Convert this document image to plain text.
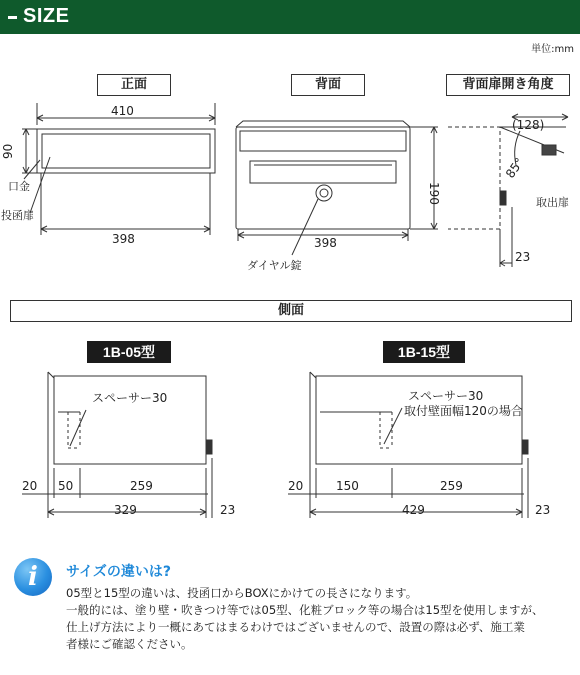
SIZE
単位:mm
正面	背面	背面扉開き角度
410
398
90
口金
投函扉
398
190
ダイヤル錠
(128)
85°
取出扉
23
側面
1B-05型	1B-15型
スペーサー30
20 50	259
329	23
スペーサー30
取付壁面幅120の場合
20	150	259
429	23
i	サイズの違いは?
05型と15型の違いは、投函口からBOXにかけての長さになります。
一般的には、塗り壁・吹きつけ等では05型、化粧ブロック等の場合は15型を使用しますが、
仕上げ方法により一概にあてはまるわけではございませんので、設置の際は必ず、施工業
者様にご確認ください。
